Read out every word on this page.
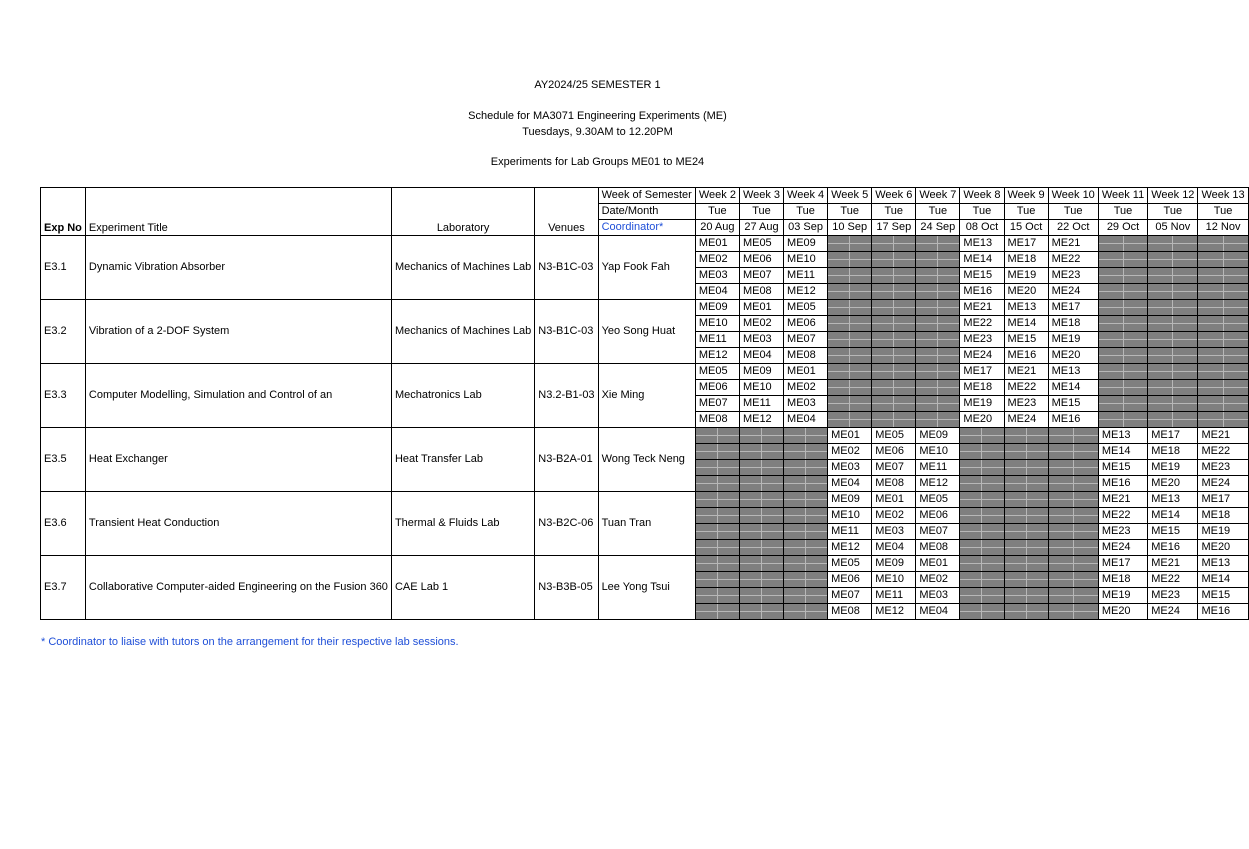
AY2024/25 SEMESTER 1
Schedule for MA3071 Engineering Experiments (ME)
Tuesdays, 9.30AM to 12.20PM
Experiments for Lab Groups ME01 to ME24
Exp No	Experiment Title	Laboratory	Venues	Week of Semester	Week 2	Week 3	Week 4	Week 5	Week 6	Week 7	Week 8	Week 9	Week 10	Week 11	Week 12	Week 13
				Date/Month	Tue	Tue	Tue	Tue	Tue	Tue	Tue	Tue	Tue	Tue	Tue	Tue
				Coordinator*	20 Aug	27 Aug	03 Sep	10 Sep	17 Sep	24 Sep	08 Oct	15 Oct	22 Oct	29 Oct	05 Nov	12 Nov
E3.1	Dynamic Vibration Absorber	Mechanics of Machines Lab	N3-B1C-03	Yap Fook Fah	ME01	ME05	ME09				ME13	ME17	ME21			
					ME02	ME06	ME10				ME14	ME18	ME22			
					ME03	ME07	ME11				ME15	ME19	ME23			
					ME04	ME08	ME12				ME16	ME20	ME24			
E3.2	Vibration of a 2-DOF System	Mechanics of Machines Lab	N3-B1C-03	Yeo Song Huat	ME09	ME01	ME05				ME21	ME13	ME17			
					ME10	ME02	ME06				ME22	ME14	ME18			
					ME11	ME03	ME07				ME23	ME15	ME19			
					ME12	ME04	ME08				ME24	ME16	ME20			
E3.3	Computer Modelling, Simulation and Control of an	Mechatronics Lab	N3.2-B1-03	Xie Ming	ME05	ME09	ME01				ME17	ME21	ME13			
					ME06	ME10	ME02				ME18	ME22	ME14			
					ME07	ME11	ME03				ME19	ME23	ME15			
					ME08	ME12	ME04				ME20	ME24	ME16			
E3.5	Heat Exchanger	Heat Transfer Lab	N3-B2A-01	Wong Teck Neng				ME01	ME05	ME09				ME13	ME17	ME21
								ME02	ME06	ME10				ME14	ME18	ME22
								ME03	ME07	ME11				ME15	ME19	ME23
								ME04	ME08	ME12				ME16	ME20	ME24
E3.6	Transient Heat Conduction	Thermal & Fluids Lab	N3-B2C-06	Tuan Tran				ME09	ME01	ME05				ME21	ME13	ME17
								ME10	ME02	ME06				ME22	ME14	ME18
								ME11	ME03	ME07				ME23	ME15	ME19
								ME12	ME04	ME08				ME24	ME16	ME20
E3.7	Collaborative Computer-aided Engineering on the Fusion 360	CAE Lab 1	N3-B3B-05	Lee Yong Tsui				ME05	ME09	ME01				ME17	ME21	ME13
								ME06	ME10	ME02				ME18	ME22	ME14
								ME07	ME11	ME03				ME19	ME23	ME15
								ME08	ME12	ME04				ME20	ME24	ME16
* Coordinator to liaise with tutors on the arrangement for their respective lab sessions.
